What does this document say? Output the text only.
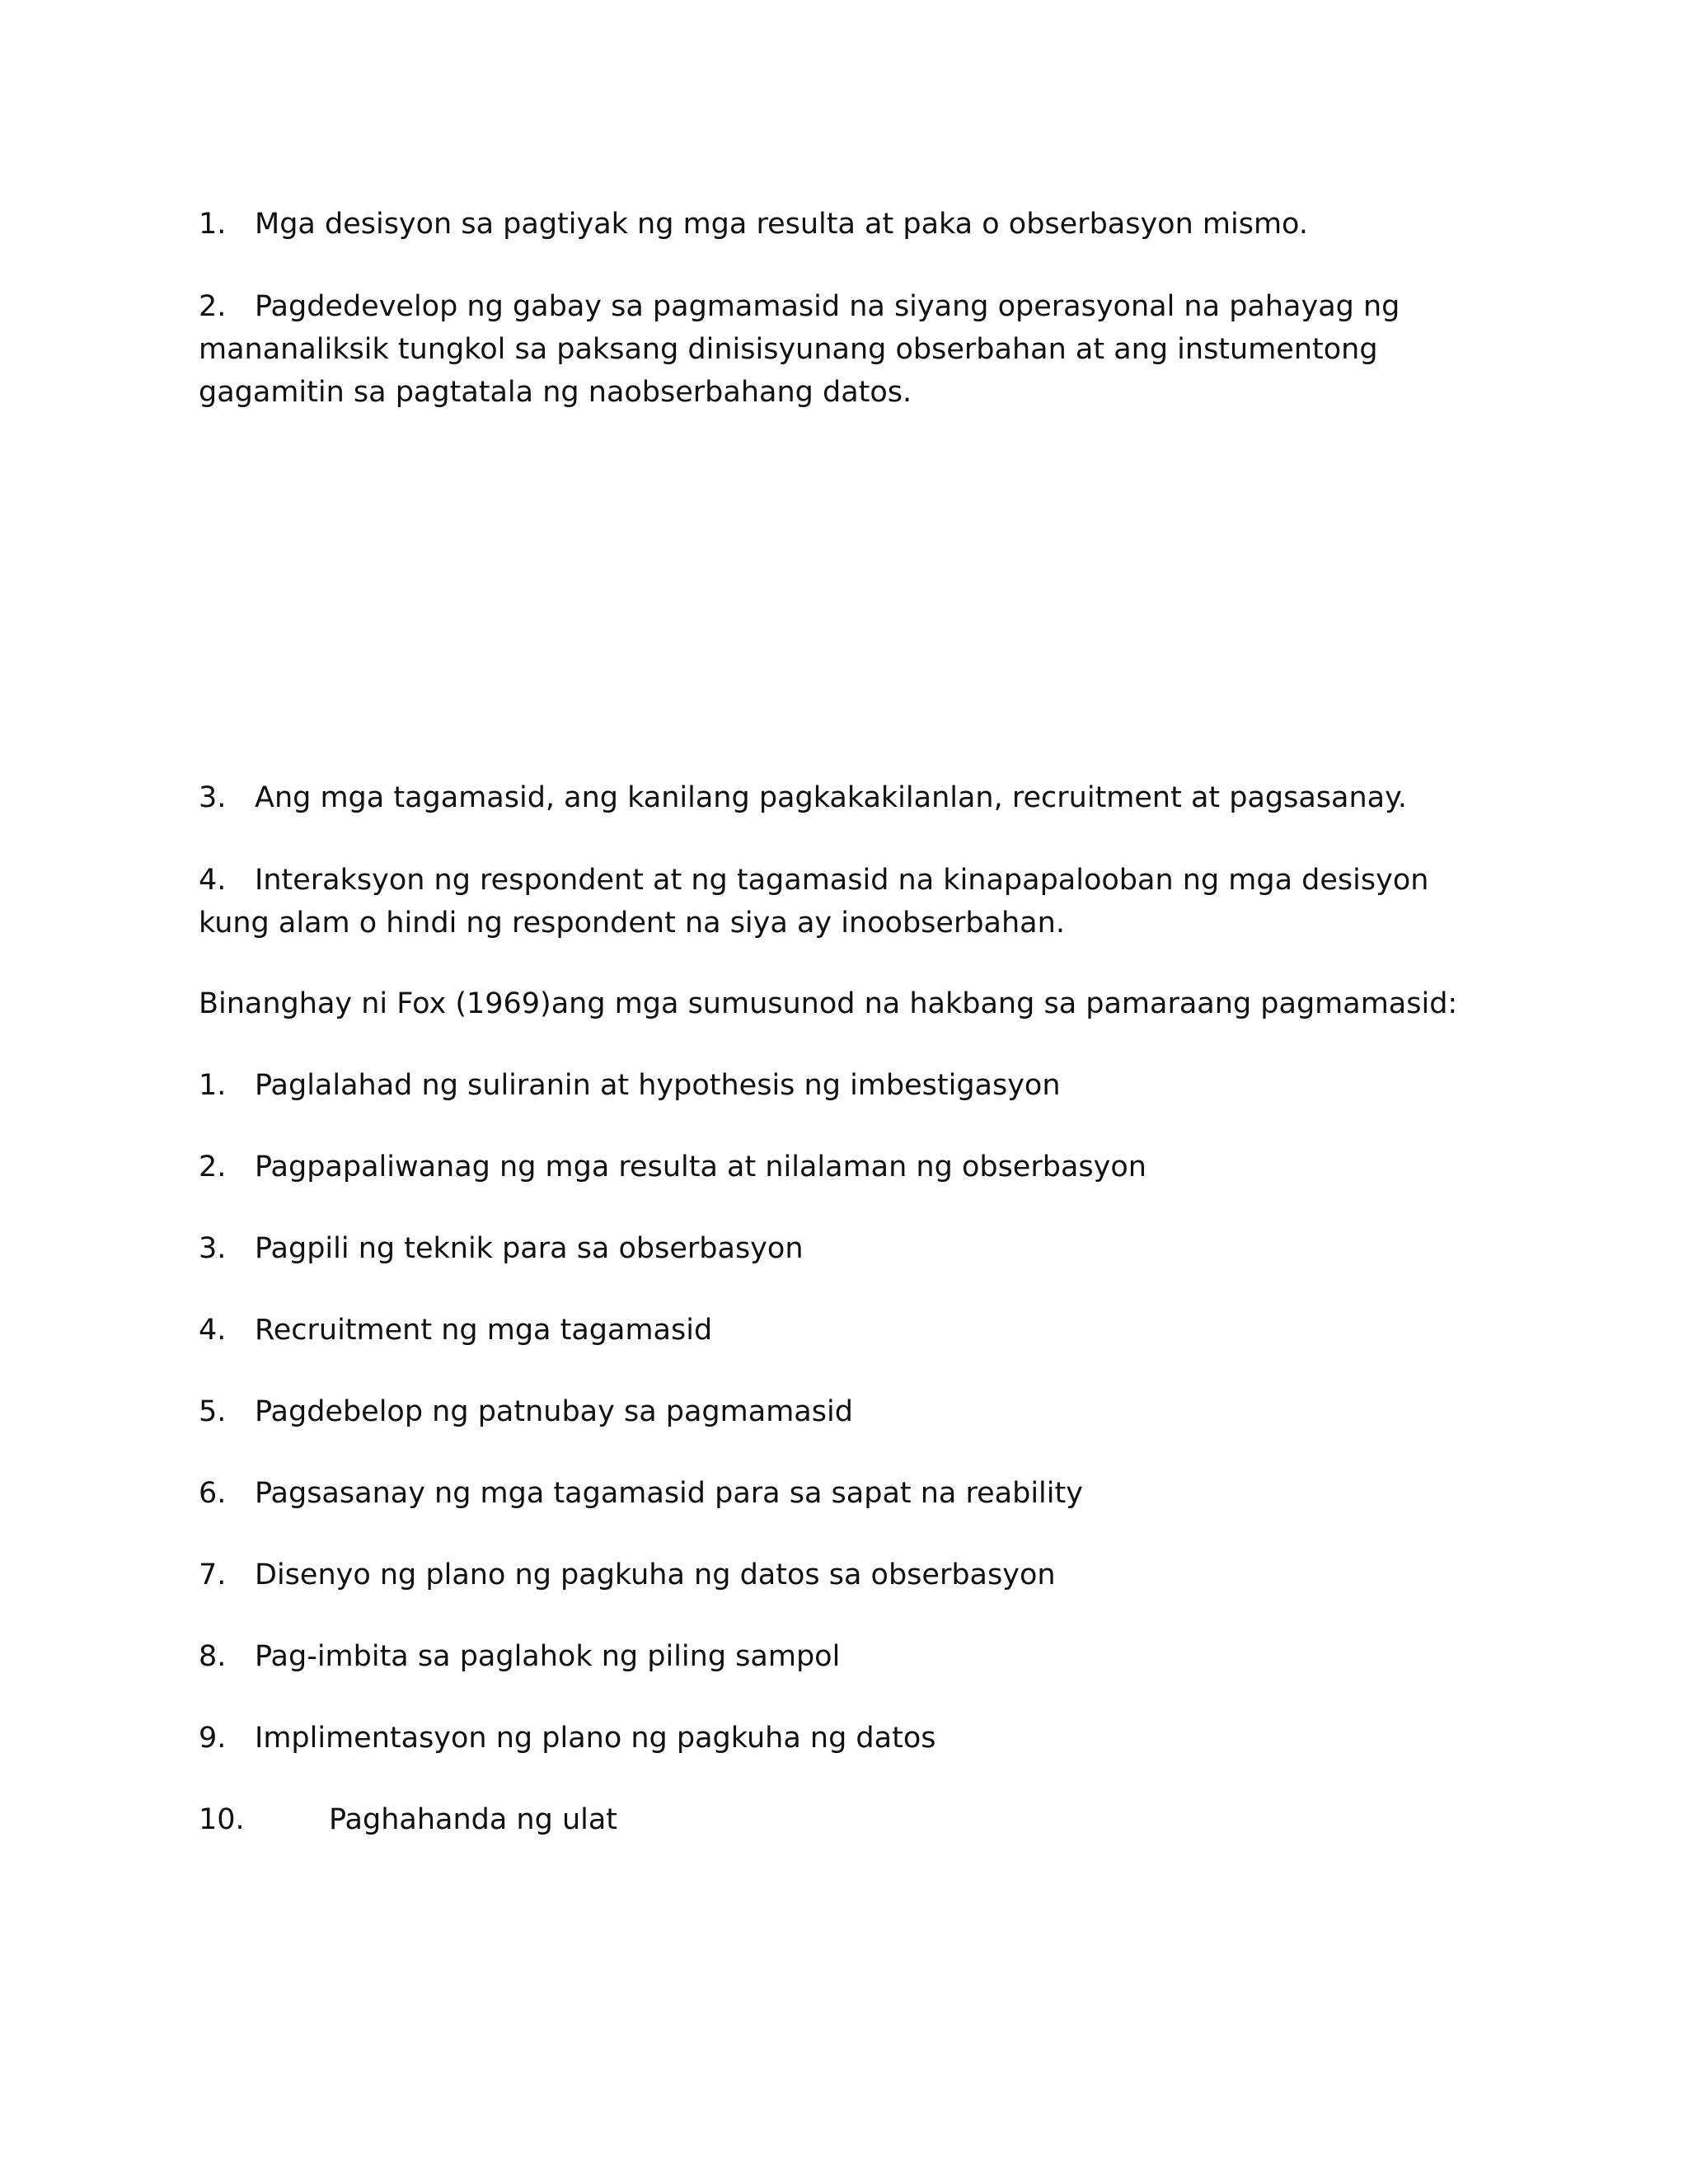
1. Mga desisyon sa pagtiyak ng mga resulta at paka o obserbasyon mismo.

2. Pagdedevelop ng gabay sa pagmamasid na siyang operasyonal na pahayag ng mananaliksik tungkol sa paksang dinisisyunang obserbahan at ang instumentong gagamitin sa pagtatala ng naobserbahang datos.

3. Ang mga tagamasid, ang kanilang pagkakakilanlan, recruitment at pagsasanay.

4. Interaksyon ng respondent at ng tagamasid na kinapapalooban ng mga desisyon kung alam o hindi ng respondent na siya ay inoobserbahan.

Binanghay ni Fox (1969)ang mga sumusunod na hakbang sa pamaraang pagmamasid:

1. Paglalahad ng suliranin at hypothesis ng imbestigasyon

2. Pagpapaliwanag ng mga resulta at nilalaman ng obserbasyon

3. Pagpili ng teknik para sa obserbasyon

4. Recruitment ng mga tagamasid

5. Pagdebelop ng patnubay sa pagmamasid

6. Pagsasanay ng mga tagamasid para sa sapat na reability

7. Disenyo ng plano ng pagkuha ng datos sa obserbasyon

8. Pag-imbita sa paglahok ng piling sampol

9. Implimentasyon ng plano ng pagkuha ng datos

10.	Paghahanda ng ulat
